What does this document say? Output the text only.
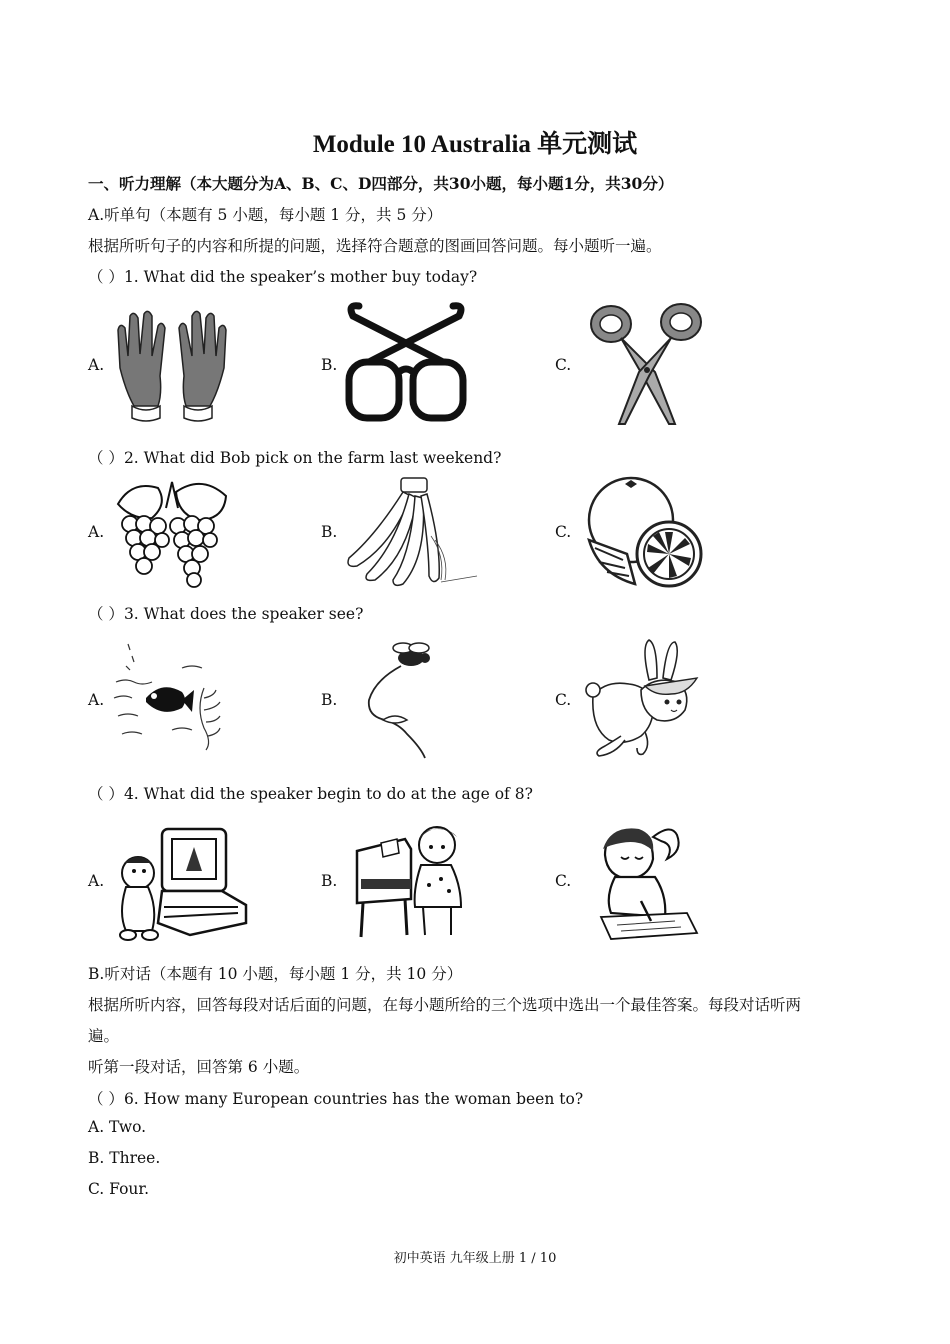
Module 10 Australia 单元测试
一、听力理解（本大题分为A、B、C、D四部分，共30小题，每小题1分，共30分）
A.听单句（本题有 5 小题，每小题 1 分，共 5 分）
根据所听句子的内容和所提的问题，选择符合题意的图画回答问题。每小题听一遍。
（ ）1. What did the speaker’s mother buy today?
A.	B.	C.
（ ）2. What did Bob pick on the farm last weekend?
A.	B.	C.
（ ）3. What does the speaker see?
A.	B.	C.
（ ）4. What did the speaker begin to do at the age of 8?
A.	B.	C.
B.听对话（本题有 10 小题，每小题 1 分，共 10 分）
根据所听内容，回答每段对话后面的问题，在每小题所给的三个选项中选出一个最佳答案。每段对话听两
遍。
听第一段对话，回答第 6 小题。
（ ）6. How many European countries has the woman been to?
A. Two.
B. Three.
C. Four.
初中英语 九年级上册 1 / 10
